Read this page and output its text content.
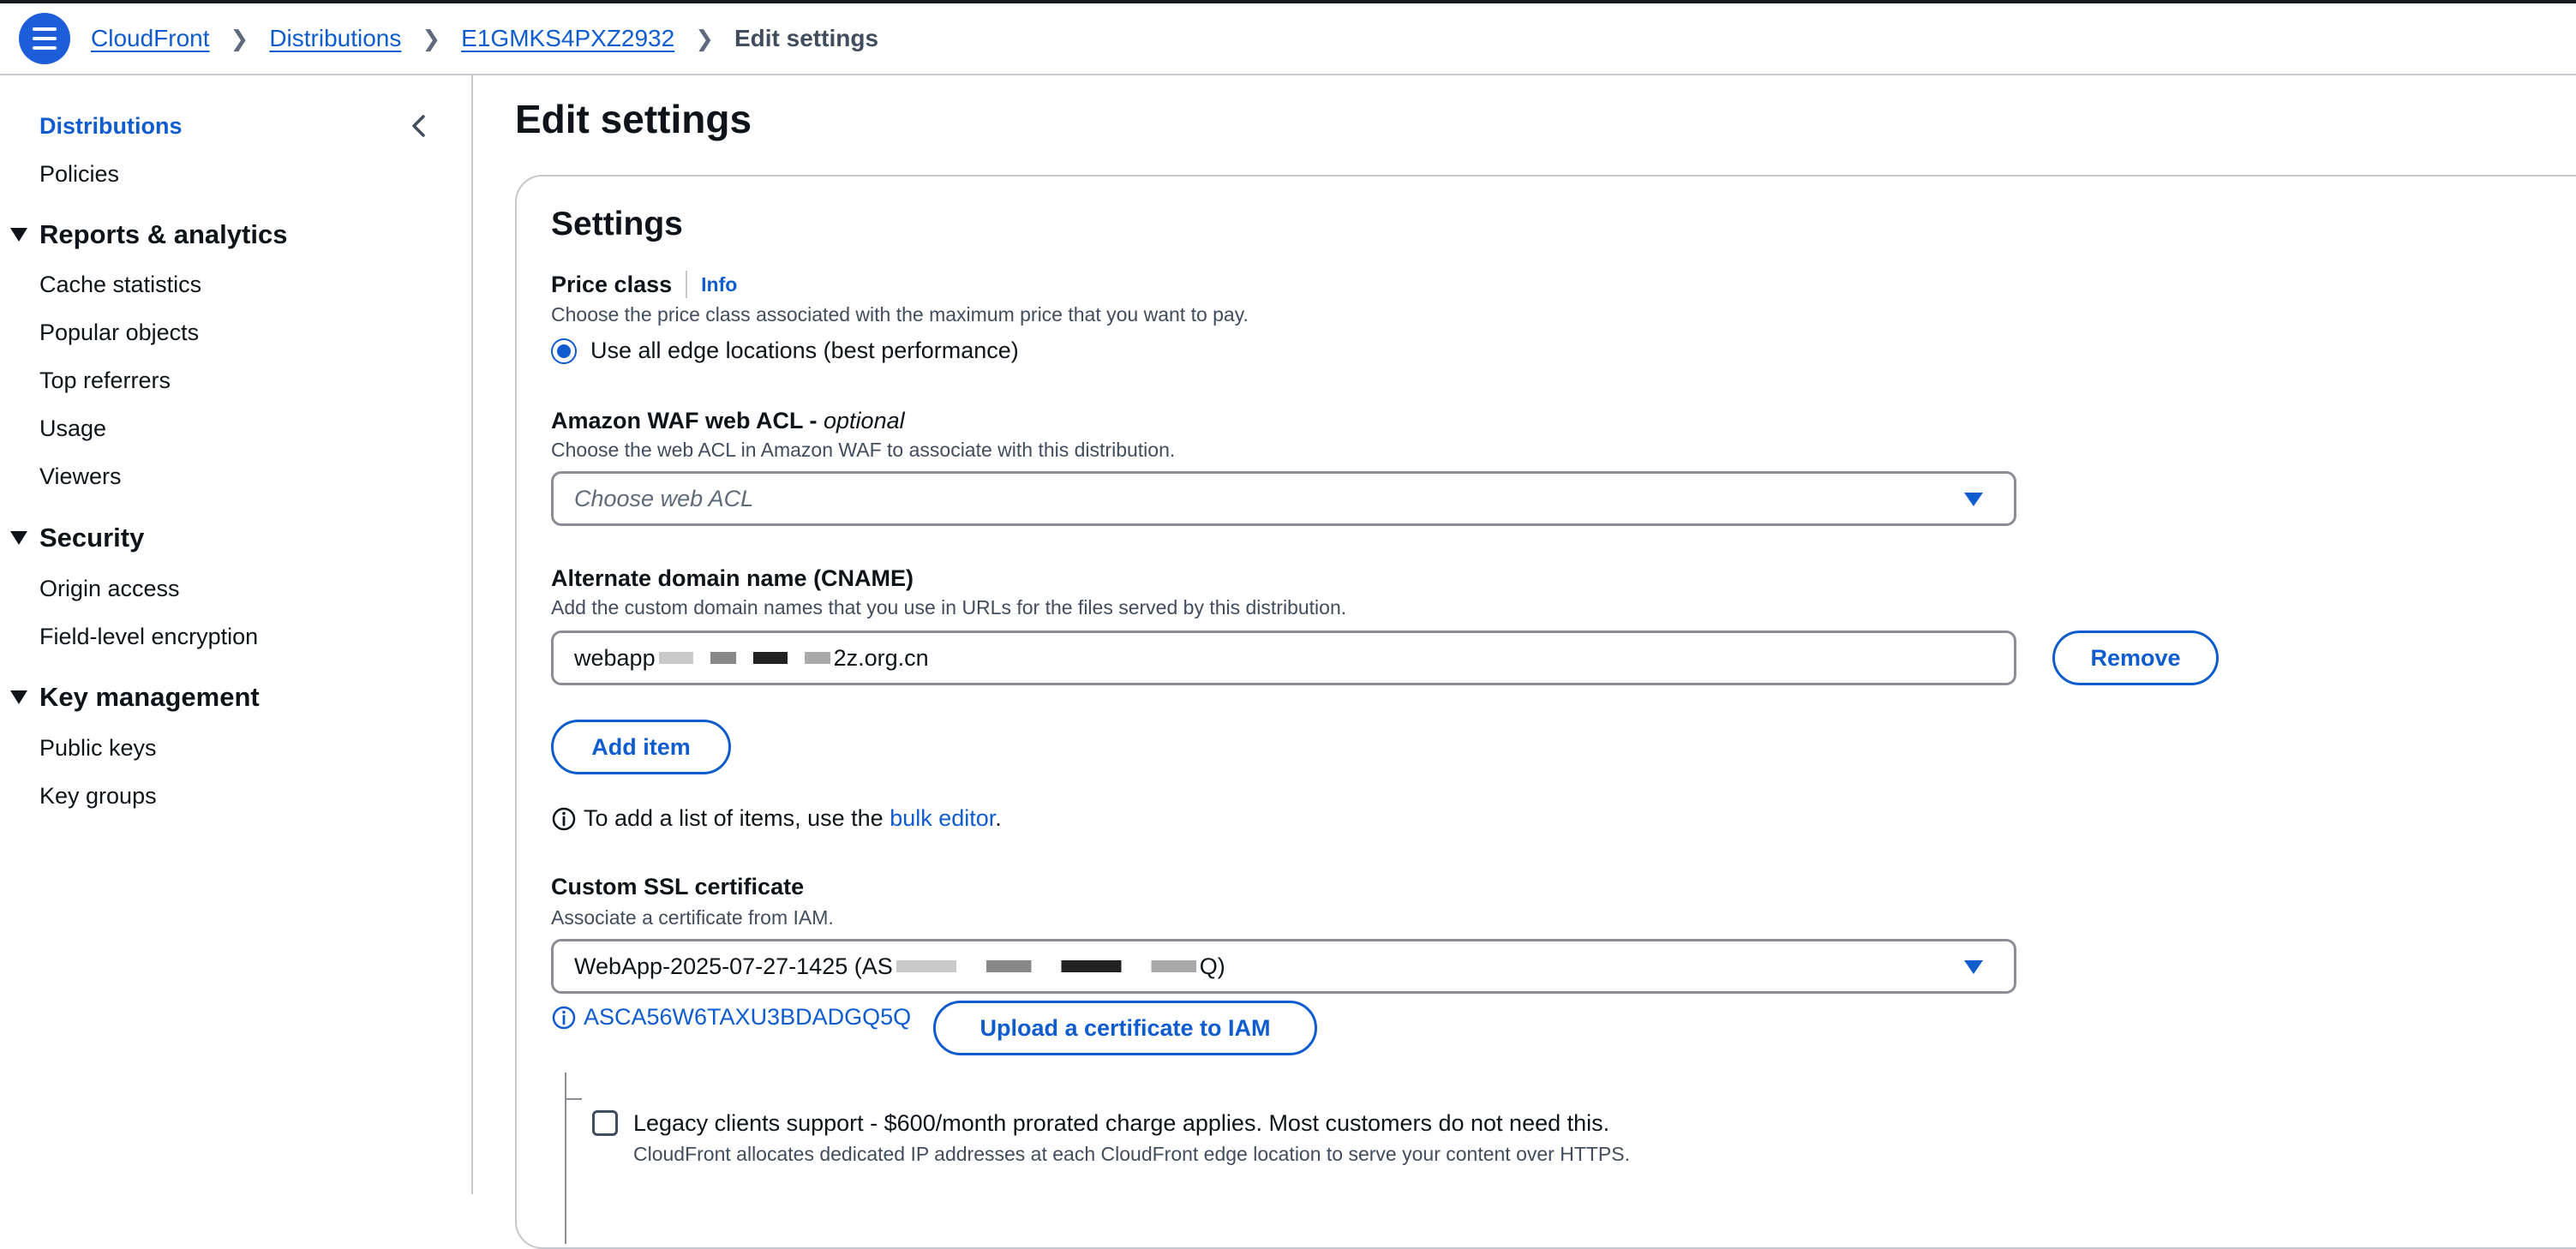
CloudFront ❯ Distributions ❯ E1GMKS4PXZ2932 ❯ Edit settings
Distributions
Policies
Reports & analytics
Cache statistics
Popular objects
Top referrers
Usage
Viewers
Security
Origin access
Field-level encryption
Key management
Public keys
Key groups
Edit settings
Settings
Price class Info
Choose the price class associated with the maximum price that you want to pay.
Use all edge locations (best performance)
Amazon WAF web ACL - optional
Choose the web ACL in Amazon WAF to associate with this distribution.
Choose web ACL
Alternate domain name (CNAME)
Add the custom domain names that you use in URLs for the files served by this distribution.
webapp	2z.org.cn	Remove
Add item
To add a list of items, use the bulk editor.
Custom SSL certificate
Associate a certificate from IAM.
WebApp-2025-07-27-1425 (AS	Q)
ASCA56W6TAXU3BDADGQ5Q	Upload a certificate to IAM
Legacy clients support - $600/month prorated charge applies. Most customers do not need this.
CloudFront allocates dedicated IP addresses at each CloudFront edge location to serve your content over HTTPS.
